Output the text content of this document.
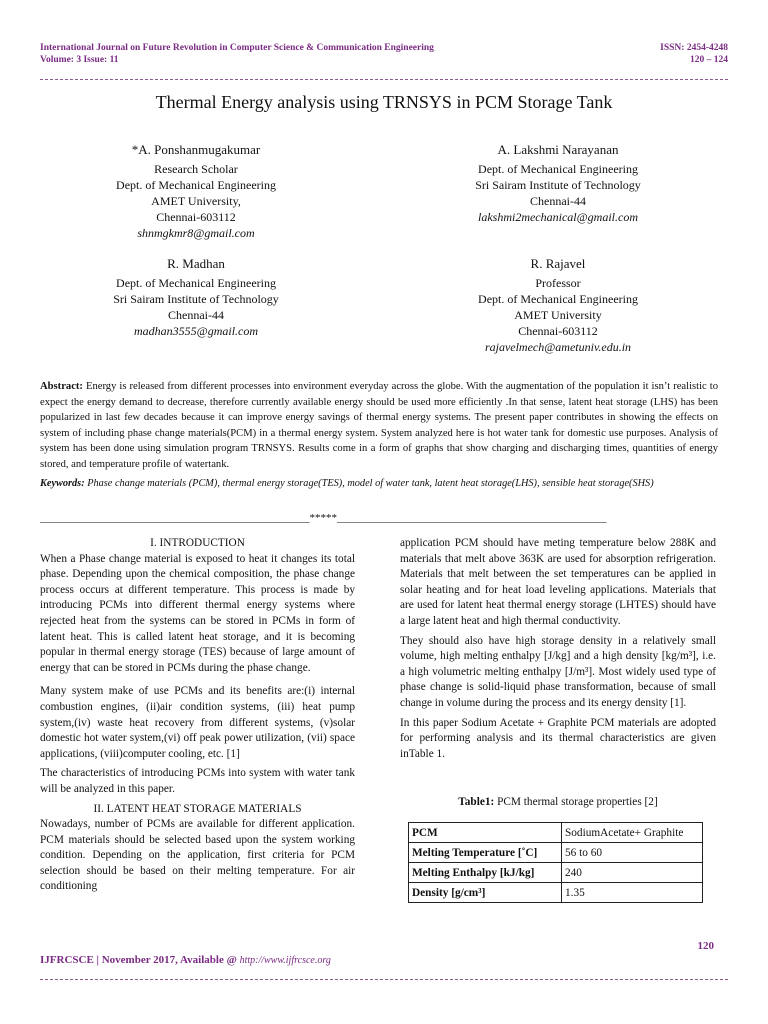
International Journal on Future Revolution in Computer Science & Communication Engineering
Volume: 3 Issue: 11
ISSN: 2454-4248
120 – 124
Thermal Energy analysis using TRNSYS in PCM Storage Tank
*A. Ponshanmugakumar
Research Scholar
Dept. of Mechanical Engineering
AMET University,
Chennai-603112
shnmgkmr8@gmail.com
A. Lakshmi Narayanan
Dept. of Mechanical Engineering
Sri Sairam Institute of Technology
Chennai-44
lakshmi2mechanical@gmail.com
R. Madhan
Dept. of Mechanical Engineering
Sri Sairam Institute of Technology
Chennai-44
madhan3555@gmail.com
R. Rajavel
Professor
Dept. of Mechanical Engineering
AMET University
Chennai-603112
rajavelmech@ametuniv.edu.in
Abstract: Energy is released from different processes into environment everyday across the globe. With the augmentation of the population it isn’t realistic to expect the energy demand to decrease, therefore currently available energy should be used more efficiently .In that sense, latent heat storage (LHS) has been popularized in last few decades because it can improve energy savings of thermal energy systems. The present paper contributes in showing the effects on system of including phase change materials(PCM) in a thermal energy system. System analyzed here is hot water tank for domestic use purposes. Analysis of system has been done using simulation program TRNSYS. Results come in a form of graphs that show charging and discharging times, quantities of energy stored, and temperature profile of watertank.
Keywords: Phase change materials (PCM), thermal energy storage(TES), model of water tank, latent heat storage(LHS), sensible heat storage(SHS)
_________________________________________________*****_________________________________________________
I. INTRODUCTION

When a Phase change material is exposed to heat it changes its total phase. Depending upon the chemical composition, the phase change process occurs at different temperature. This process is made by introducing PCMs into different thermal energy systems where rejected heat from the systems can be stored in PCMs in form of latent heat. This is called latent heat storage, and it is becoming popular in thermal energy storage (TES) because of large amount of energy that can be stored in PCMs during the phase change.

Many system make of use PCMs and its benefits are:(i) internal combustion engines, (ii)air condition systems, (iii) heat pump system,(iv) waste heat recovery from different systems, (v)solar domestic hot water system,(vi) off peak power utilization, (vii) space applications, (viii)computer cooling, etc. [1]

The characteristics of introducing PCMs into system with water tank will be analyzed in this paper.

II. LATENT HEAT STORAGE MATERIALS

Nowadays, number of PCMs are available for different application. PCM materials should be selected based upon the system working condition. Depending on the application, first criteria for PCM selection should be based on their melting temperature. For air conditioning

application PCM should have meting temperature below 288K and materials that melt above 363K are used for absorption refrigeration. Materials that melt between the set temperatures can be applied in solar heating and for heat load leveling applications. Materials that are used for latent heat thermal energy storage (LHTES) should have a large latent heat and high thermal conductivity.

They should also have high storage density in a relatively small volume, high melting enthalpy [J/kg] and a high density [kg/m³], i.e. a high volumetric melting enthalpy [J/m³]. Most widely used type of phase change is solid-liquid phase transformation, because of small change in volume during the process and its energy density [1].

In this paper Sodium Acetate + Graphite PCM materials are adopted for performing analysis and its thermal characteristics are given inTable 1.

Table1: PCM thermal storage properties [2]
PCM	SodiumAcetate+ Graphite
Melting Temperature [˚C]	56 to 60
Melting Enthalpy [kJ/kg]	240
Density [g/cm³]	1.35
120
IJFRCSCE | November 2017, Available @ http://www.ijfrcsce.org
